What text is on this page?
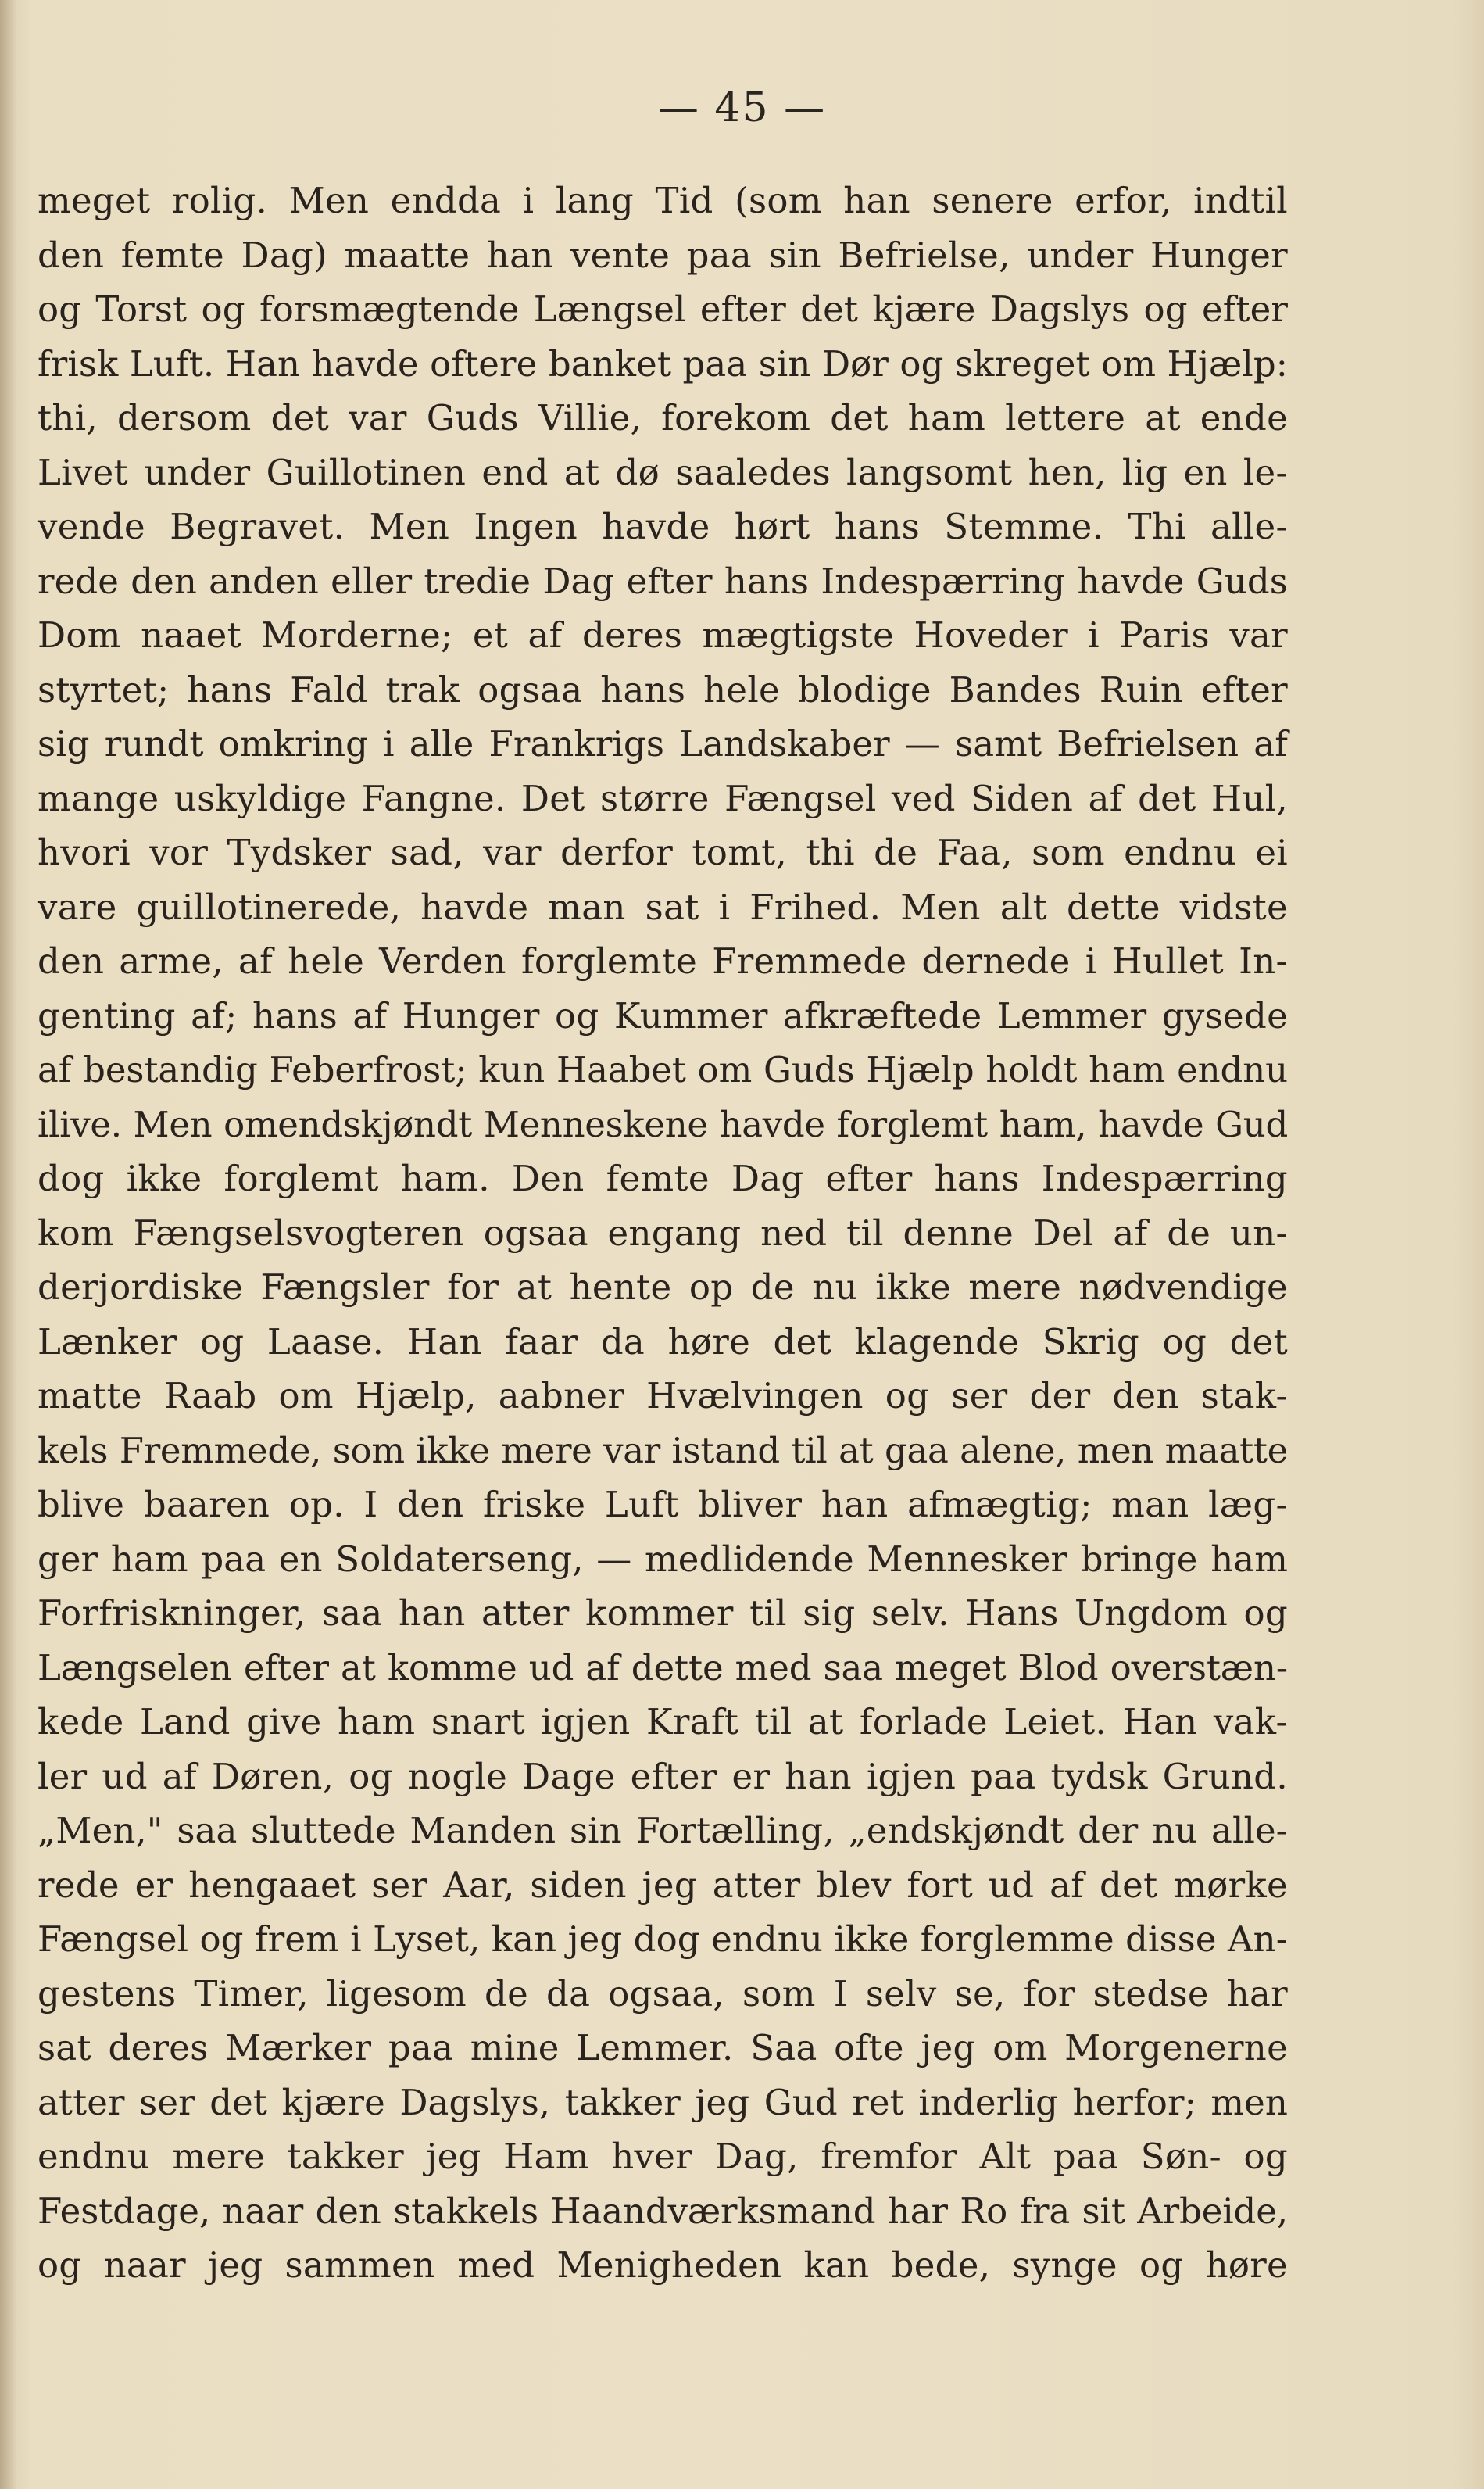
— 45 —
meget rolig. Men endda i lang Tid (som han senere erfor, indtil
den femte Dag) maatte han vente paa sin Befrielse, under Hunger
og Torst og forsmægtende Længsel efter det kjære Dagslys og efter
frisk Luft. Han havde oftere banket paa sin Dør og skreget om Hjælp:
thi, dersom det var Guds Villie, forekom det ham lettere at ende
Livet under Guillotinen end at dø saaledes langsomt hen, lig en le-
vende Begravet. Men Ingen havde hørt hans Stemme. Thi alle-
rede den anden eller tredie Dag efter hans Indespærring havde Guds
Dom naaet Morderne; et af deres mægtigste Hoveder i Paris var
styrtet; hans Fald trak ogsaa hans hele blodige Bandes Ruin efter
sig rundt omkring i alle Frankrigs Landskaber — samt Befrielsen af
mange uskyldige Fangne. Det større Fængsel ved Siden af det Hul,
hvori vor Tydsker sad, var derfor tomt, thi de Faa, som endnu ei
vare guillotinerede, havde man sat i Frihed. Men alt dette vidste
den arme, af hele Verden forglemte Fremmede dernede i Hullet In-
genting af; hans af Hunger og Kummer afkræftede Lemmer gysede
af bestandig Feberfrost; kun Haabet om Guds Hjælp holdt ham endnu
ilive. Men omendskjøndt Menneskene havde forglemt ham, havde Gud
dog ikke forglemt ham. Den femte Dag efter hans Indespærring
kom Fængselsvogteren ogsaa engang ned til denne Del af de un-
derjordiske Fængsler for at hente op de nu ikke mere nødvendige
Lænker og Laase. Han faar da høre det klagende Skrig og det
matte Raab om Hjælp, aabner Hvælvingen og ser der den stak-
kels Fremmede, som ikke mere var istand til at gaa alene, men maatte
blive baaren op. I den friske Luft bliver han afmægtig; man læg-
ger ham paa en Soldaterseng, — medlidende Mennesker bringe ham
Forfriskninger, saa han atter kommer til sig selv. Hans Ungdom og
Længselen efter at komme ud af dette med saa meget Blod overstæn-
kede Land give ham snart igjen Kraft til at forlade Leiet. Han vak-
ler ud af Døren, og nogle Dage efter er han igjen paa tydsk Grund.
„Men," saa sluttede Manden sin Fortælling, „endskjøndt der nu alle-
rede er hengaaet ser Aar, siden jeg atter blev fort ud af det mørke
Fængsel og frem i Lyset, kan jeg dog endnu ikke forglemme disse An-
gestens Timer, ligesom de da ogsaa, som I selv se, for stedse har
sat deres Mærker paa mine Lemmer. Saa ofte jeg om Morgenerne
atter ser det kjære Dagslys, takker jeg Gud ret inderlig herfor; men
endnu mere takker jeg Ham hver Dag, fremfor Alt paa Søn- og
Festdage, naar den stakkels Haandværksmand har Ro fra sit Arbeide,
og naar jeg sammen med Menigheden kan bede, synge og høre
